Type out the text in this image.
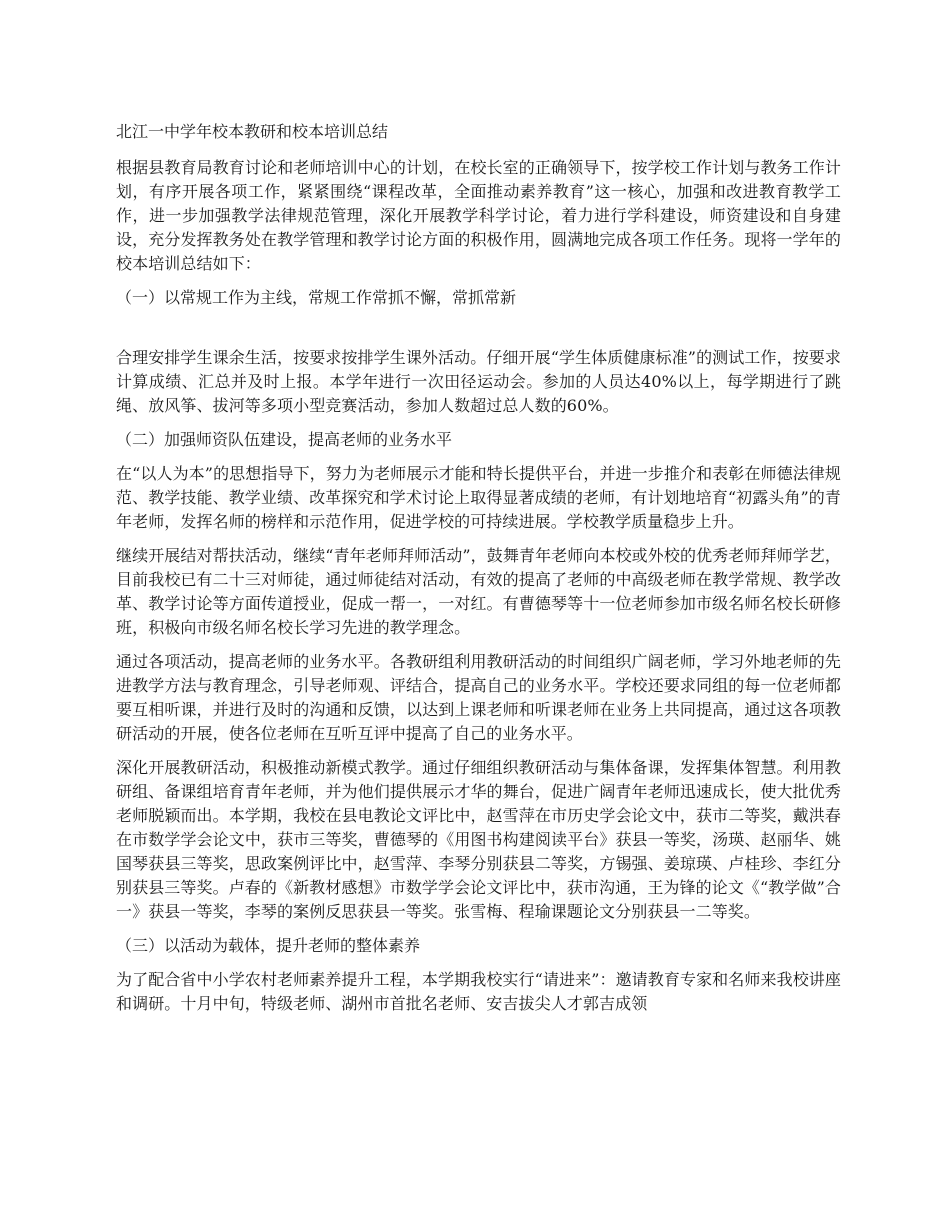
北江一中学年校本教研和校本培训总结

根据县教育局教育讨论和老师培训中心的计划，在校长室的正确领导下，按学校工作计划与教务工作计划，有序开展各项工作，紧紧围绕“课程改革，全面推动素养教育”这一核心，加强和改进教育教学工作，进一步加强教学法律规范管理，深化开展教学科学讨论，着力进行学科建设，师资建设和自身建设，充分发挥教务处在教学管理和教学讨论方面的积极作用，圆满地完成各项工作任务。现将一学年的校本培训总结如下：

（一）以常规工作为主线，常规工作常抓不懈，常抓常新

合理安排学生课余生活，按要求按排学生课外活动。仔细开展“学生体质健康标准”的测试工作，按要求计算成绩、汇总并及时上报。本学年进行一次田径运动会。参加的人员达40%以上，每学期进行了跳绳、放风筝、拔河等多项小型竞赛活动，参加人数超过总人数的60%。

（二）加强师资队伍建设，提高老师的业务水平

在“以人为本”的思想指导下，努力为老师展示才能和特长提供平台，并进一步推介和表彰在师德法律规范、教学技能、教学业绩、改革探究和学术讨论上取得显著成绩的老师，有计划地培育“初露头角”的青年老师，发挥名师的榜样和示范作用，促进学校的可持续进展。学校教学质量稳步上升。

继续开展结对帮扶活动，继续“青年老师拜师活动”，鼓舞青年老师向本校或外校的优秀老师拜师学艺，目前我校已有二十三对师徒，通过师徒结对活动，有效的提高了老师的中高级老师在教学常规、教学改革、教学讨论等方面传道授业，促成一帮一，一对红。有曹德琴等十一位老师参加市级名师名校长研修班，积极向市级名师名校长学习先进的教学理念。

通过各项活动，提高老师的业务水平。各教研组利用教研活动的时间组织广阔老师，学习外地老师的先进教学方法与教育理念，引导老师观、评结合，提高自己的业务水平。学校还要求同组的每一位老师都要互相听课，并进行及时的沟通和反馈，以达到上课老师和听课老师在业务上共同提高，通过这各项教研活动的开展，使各位老师在互听互评中提高了自己的业务水平。

深化开展教研活动，积极推动新模式教学。通过仔细组织教研活动与集体备课，发挥集体智慧。利用教研组、备课组培育青年老师，并为他们提供展示才华的舞台，促进广阔青年老师迅速成长，使大批优秀老师脱颖而出。本学期，我校在县电教论文评比中，赵雪萍在市历史学会论文中，获市二等奖，戴洪春在市数学学会论文中，获市三等奖，曹德琴的《用图书构建阅读平台》获县一等奖，汤瑛、赵丽华、姚国琴获县三等奖，思政案例评比中，赵雪萍、李琴分别获县二等奖，方锡强、姜琼瑛、卢桂珍、李红分别获县三等奖。卢春的《新教材感想》市数学学会论文评比中，获市沟通，王为锋的论文《“教学做”合一》获县一等奖，李琴的案例反思获县一等奖。张雪梅、程瑜课题论文分别获县一二等奖。

（三）以活动为载体，提升老师的整体素养

为了配合省中小学农村老师素养提升工程，本学期我校实行“请进来”：邀请教育专家和名师来我校讲座和调研。十月中旬，特级老师、湖州市首批名老师、安吉拔尖人才郭吉成领
